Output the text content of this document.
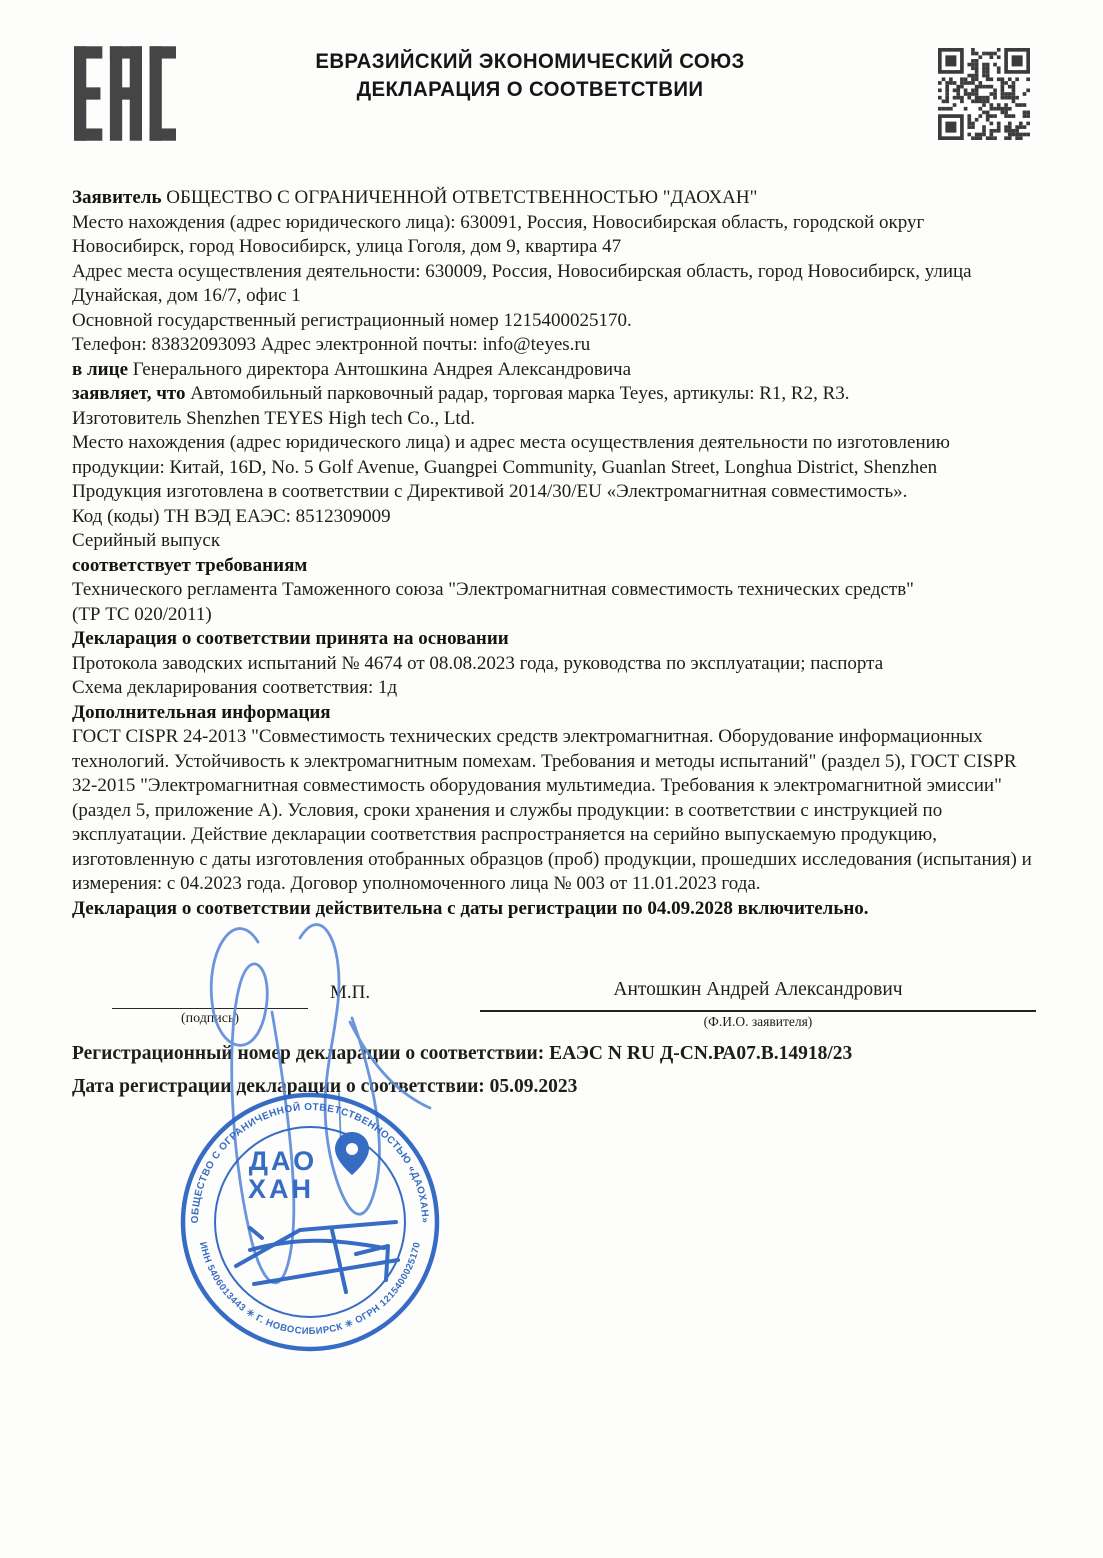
ЕВРАЗИЙСКИЙ ЭКОНОМИЧЕСКИЙ СОЮЗ
ДЕКЛАРАЦИЯ О СООТВЕТСТВИИ
Заявитель ОБЩЕСТВО С ОГРАНИЧЕННОЙ ОТВЕТСТВЕННОСТЬЮ "ДАОХАН"
Место нахождения (адрес юридического лица): 630091, Россия, Новосибирская область, городской округ Новосибирск, город Новосибирск, улица Гоголя, дом 9, квартира 47
Адрес места осуществления деятельности: 630009, Россия, Новосибирская область, город Новосибирск, улица Дунайская, дом 16/7, офис 1
Основной государственный регистрационный номер 1215400025170.
Телефон: 83832093093 Адрес электронной почты: info@teyes.ru
в лице Генерального директора Антошкина Андрея Александровича
заявляет, что Автомобильный парковочный радар, торговая марка Teyes, артикулы: R1, R2, R3.
Изготовитель Shenzhen TEYES High tech Co., Ltd.
Место нахождения (адрес юридического лица) и адрес места осуществления деятельности по изготовлению продукции: Китай, 16D, No. 5 Golf Avenue, Guangpei Community, Guanlan Street, Longhua District, Shenzhen
Продукция изготовлена в соответствии с Директивой 2014/30/EU «Электромагнитная совместимость».
Код (коды) ТН ВЭД ЕАЭС: 8512309009
Серийный выпуск
соответствует требованиям
Технического регламента Таможенного союза "Электромагнитная совместимость технических средств"
(ТР ТС 020/2011)
Декларация о соответствии принята на основании
Протокола заводских испытаний № 4674 от 08.08.2023 года, руководства по эксплуатации; паспорта
Схема декларирования соответствия: 1д
Дополнительная информация
ГОСТ CISPR 24-2013 "Совместимость технических средств электромагнитная. Оборудование информационных технологий. Устойчивость к электромагнитным помехам. Требования и методы испытаний" (раздел 5), ГОСТ CISPR 32-2015 "Электромагнитная совместимость оборудования мультимедиа. Требования к электромагнитной эмиссии" (раздел 5, приложение А). Условия, сроки хранения и службы продукции: в соответствии с инструкцией по эксплуатации. Действие декларации соответствия распространяется на серийно выпускаемую продукцию, изготовленную с даты изготовления отобранных образцов (проб) продукции, прошедших исследования (испытания) и измерения: с 04.2023 года. Договор уполномоченного лица № 003 от 11.01.2023 года.
Декларация о соответствии действительна с даты регистрации по 04.09.2028 включительно.
(подпись)
М.П.	Антошкин Андрей Александрович
(Ф.И.О. заявителя)
Регистрационный номер декларации о соответствии: ЕАЭС N RU Д-CN.РА07.В.14918/23
Дата регистрации декларации о соответствии: 05.09.2023
ОБЩЕСТВО С ОГРАНИЧЕННОЙ ОТВЕТСТВЕННОСТЬЮ «ДАОХАН»
ИНН 5406013443 ✳ Г. НОВОСИБИРСК ✳ ОГРН 1215400025170
ДАО
ХАН
